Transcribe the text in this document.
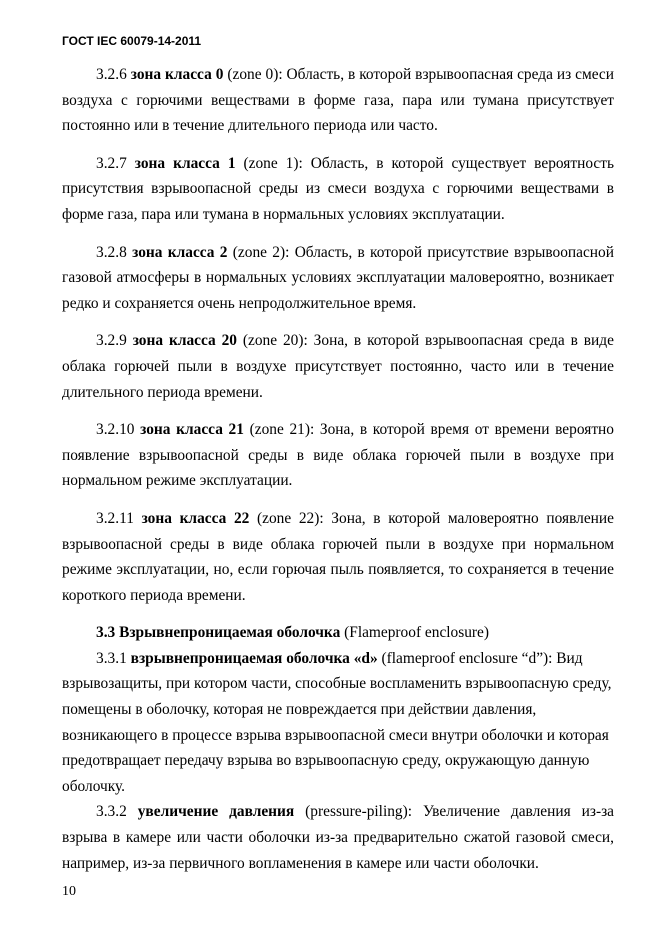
ГОСТ IEC 60079-14-2011

3.2.6 зона класса 0 (zone 0): Область, в которой взрывоопасная среда из смеси воздуха с горючими веществами в форме газа, пара или тумана присутствует постоянно или в течение длительного периода или часто.

3.2.7 зона класса 1 (zone 1): Область, в которой существует вероятность присутствия взрывоопасной среды из смеси воздуха с горючими веществами в форме газа, пара или тумана в нормальных условиях эксплуатации.

3.2.8 зона класса 2 (zone 2): Область, в которой присутствие взрывоопасной газовой атмосферы в нормальных условиях эксплуатации маловероятно, возникает редко и сохраняется очень непродолжительное время.

3.2.9 зона класса 20 (zone 20): Зона, в которой взрывоопасная среда в виде облака горючей пыли в воздухе присутствует постоянно, часто или в течение длительного периода времени.

3.2.10 зона класса 21 (zone 21): Зона, в которой время от времени вероятно появление взрывоопасной среды в виде облака горючей пыли в воздухе при нормальном режиме эксплуатации.

3.2.11 зона класса 22 (zone 22): Зона, в которой маловероятно появление взрывоопасной среды в виде облака горючей пыли в воздухе при нормальном режиме эксплуатации, но, если горючая пыль появляется, то сохраняется в течение короткого периода времени.

3.3 Взрывнепроницаемая оболочка (Flameproof enclosure)

3.3.1 взрывнепроницаемая оболочка «d» (flameproof enclosure “d”): Вид взрывозащиты, при котором части, способные воспламенить взрывоопасную среду, помещены в оболочку, которая не повреждается при действии давления, возникающего в процессе взрыва взрывоопасной смеси внутри оболочки и которая предотвращает передачу взрыва во взрывоопасную среду, окружающую данную оболочку.

3.3.2 увеличение давления (pressure-piling): Увеличение давления из-за взрыва в камере или части оболочки из-за предварительно сжатой газовой смеси, например, из-за первичного вопламенения в камере или части оболочки.

10
